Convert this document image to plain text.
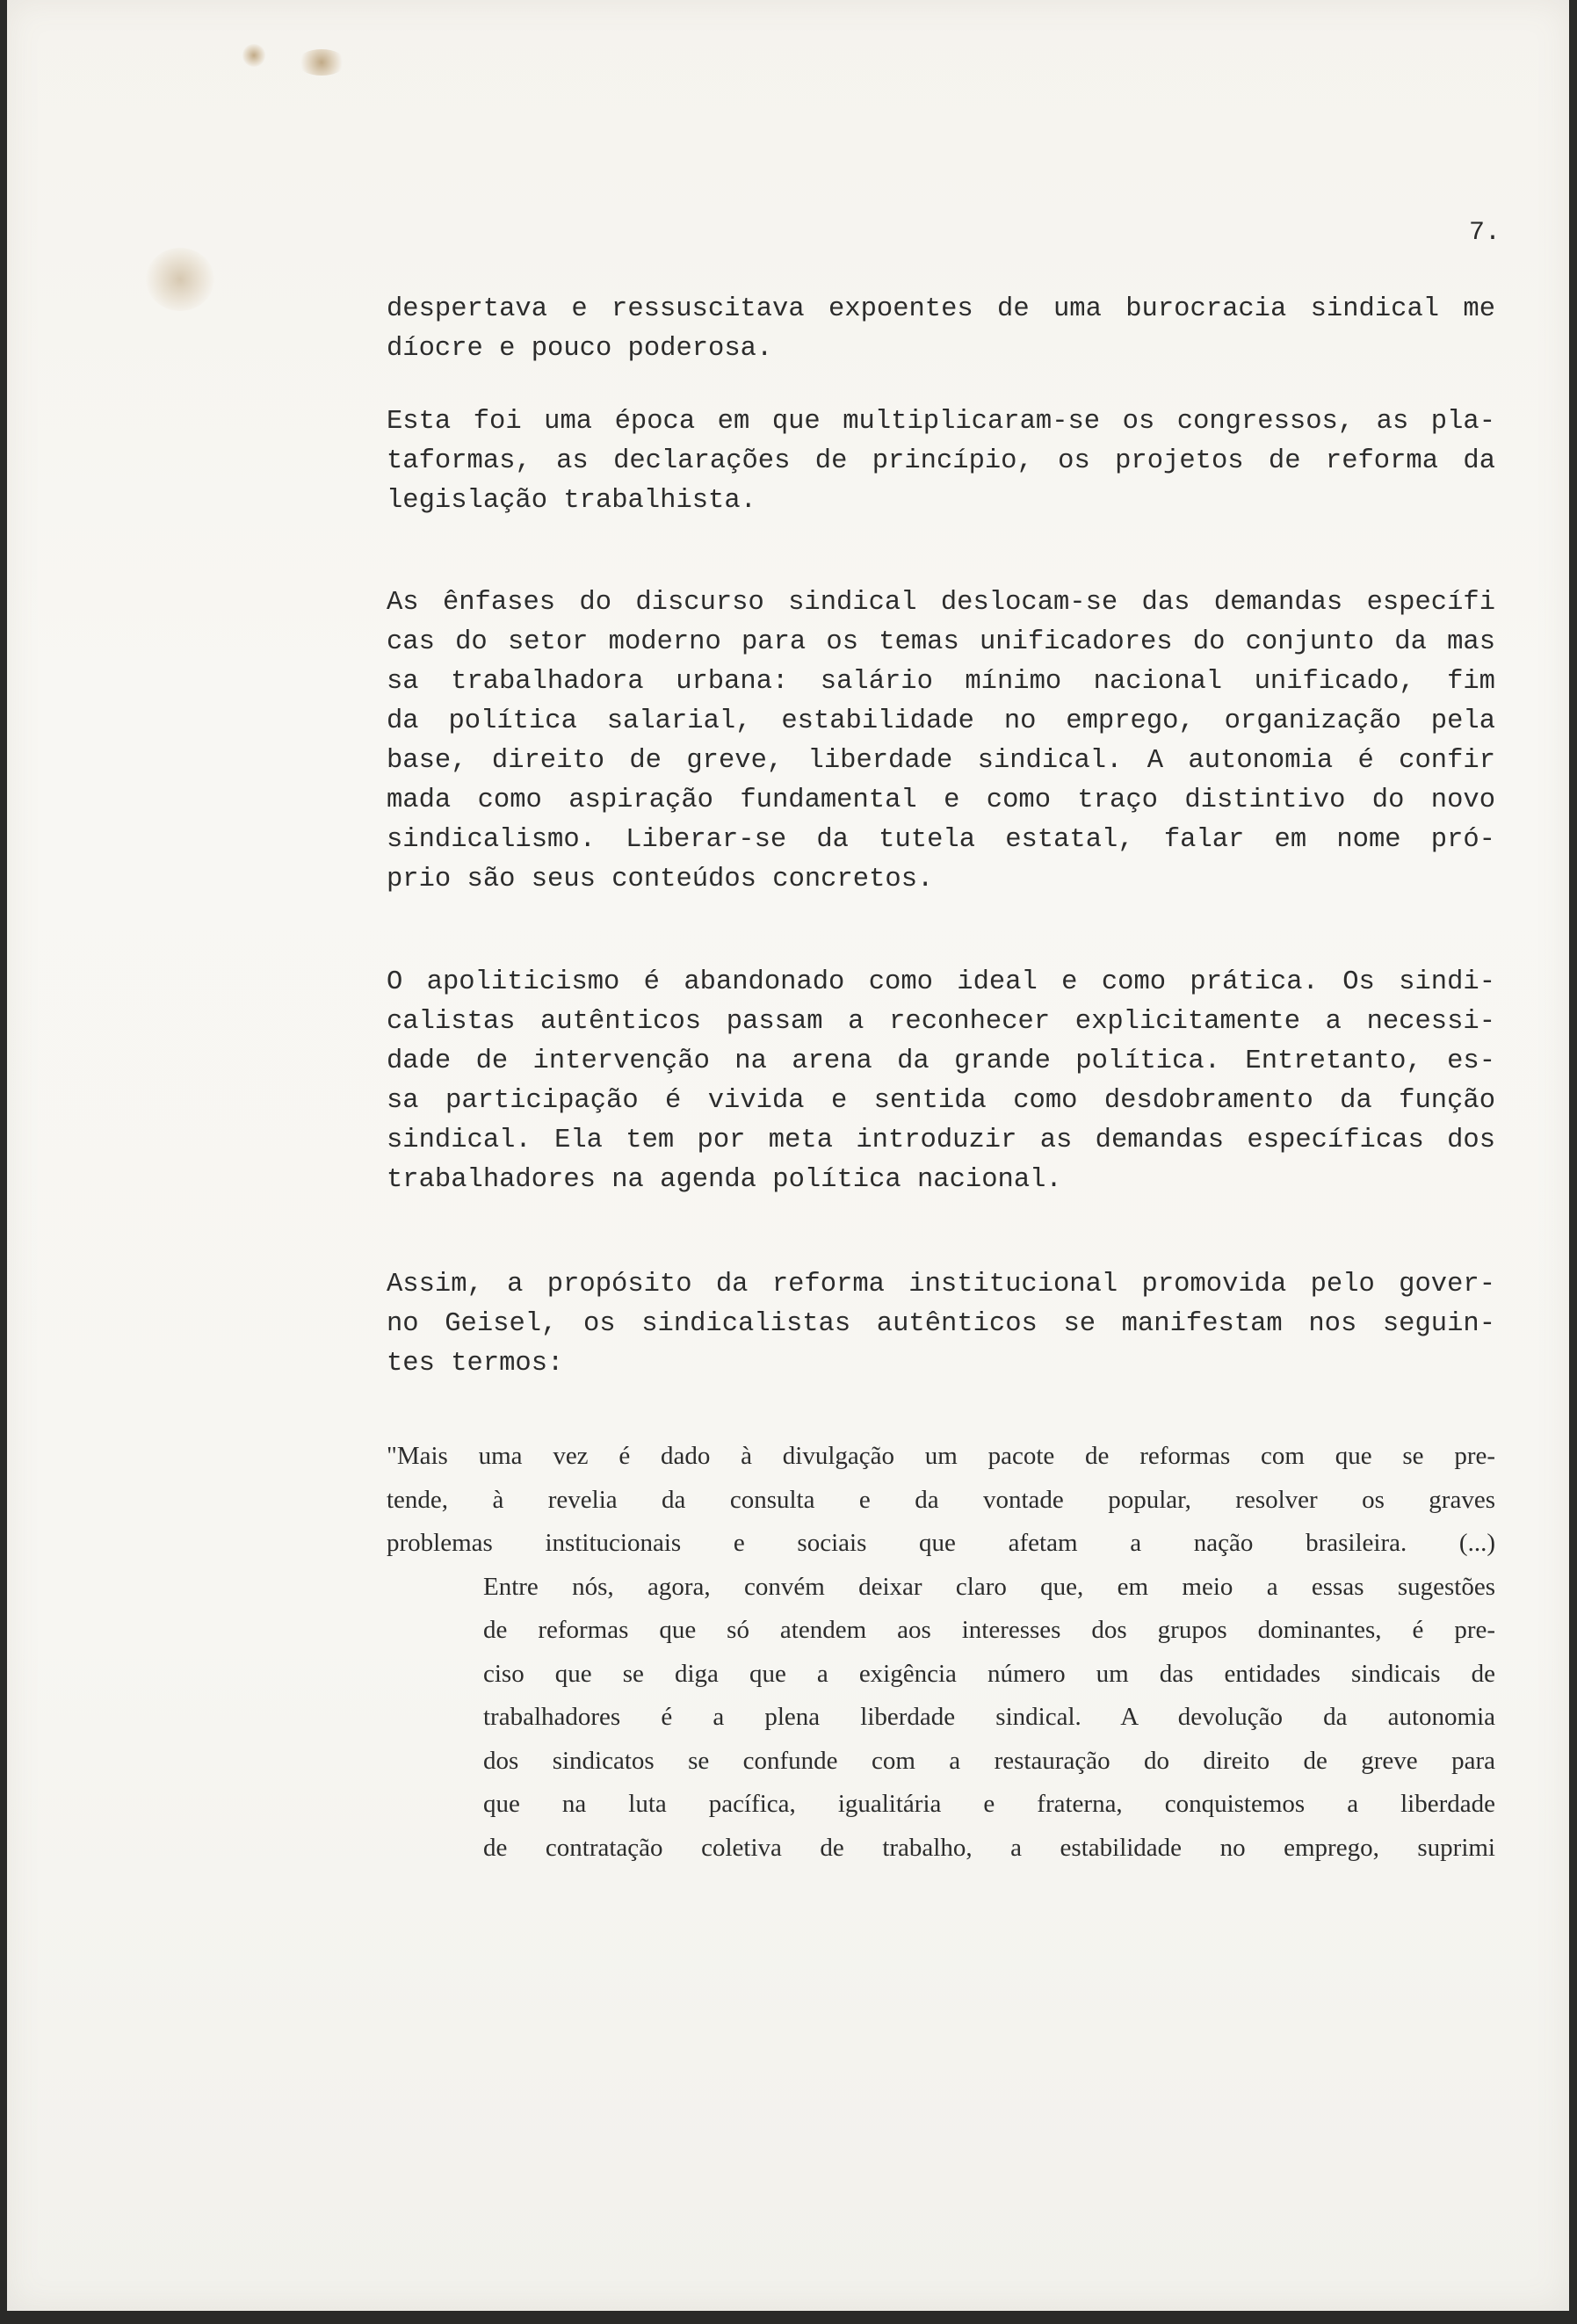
7.
despertava e ressuscitava expoentes de uma burocracia sindical me
díocre e pouco poderosa.
Esta foi uma época em que multiplicaram-se os congressos, as pla-
taformas, as declarações de princípio, os projetos de reforma da
legislação trabalhista.
As ênfases do discurso sindical deslocam-se das demandas específi
cas do setor moderno para os temas unificadores do conjunto da mas
sa trabalhadora urbana: salário mínimo nacional unificado, fim
da política salarial, estabilidade no emprego, organização pela
base, direito de greve, liberdade sindical. A autonomia é confir
mada como aspiração fundamental e como traço distintivo do novo
sindicalismo. Liberar-se da tutela estatal, falar em nome pró-
prio são seus conteúdos concretos.
O apoliticismo é abandonado como ideal e como prática. Os sindi-
calistas autênticos passam a reconhecer explicitamente a necessi-
dade de intervenção na arena da grande política. Entretanto, es-
sa participação é vivida e sentida como desdobramento da função
sindical. Ela tem por meta introduzir as demandas específicas dos
trabalhadores na agenda política nacional.
Assim, a propósito da reforma institucional promovida pelo gover-
no Geisel, os sindicalistas autênticos se manifestam nos seguin-
tes termos:
"Mais uma vez é dado à divulgação um pacote de reformas com que se pre-
tende, à revelia da consulta e da vontade popular, resolver os graves
problemas institucionais e sociais que afetam a nação brasileira. (...)
Entre nós, agora, convém deixar claro que, em meio a essas sugestões
de reformas que só atendem aos interesses dos grupos dominantes, é pre-
ciso que se diga que a exigência número um das entidades sindicais de
trabalhadores é a plena liberdade sindical. A devolução da autonomia
dos sindicatos se confunde com a restauração do direito de greve para
que na luta pacífica, igualitária e fraterna, conquistemos a liberdade
de contratação coletiva de trabalho, a estabilidade no emprego, suprimi
